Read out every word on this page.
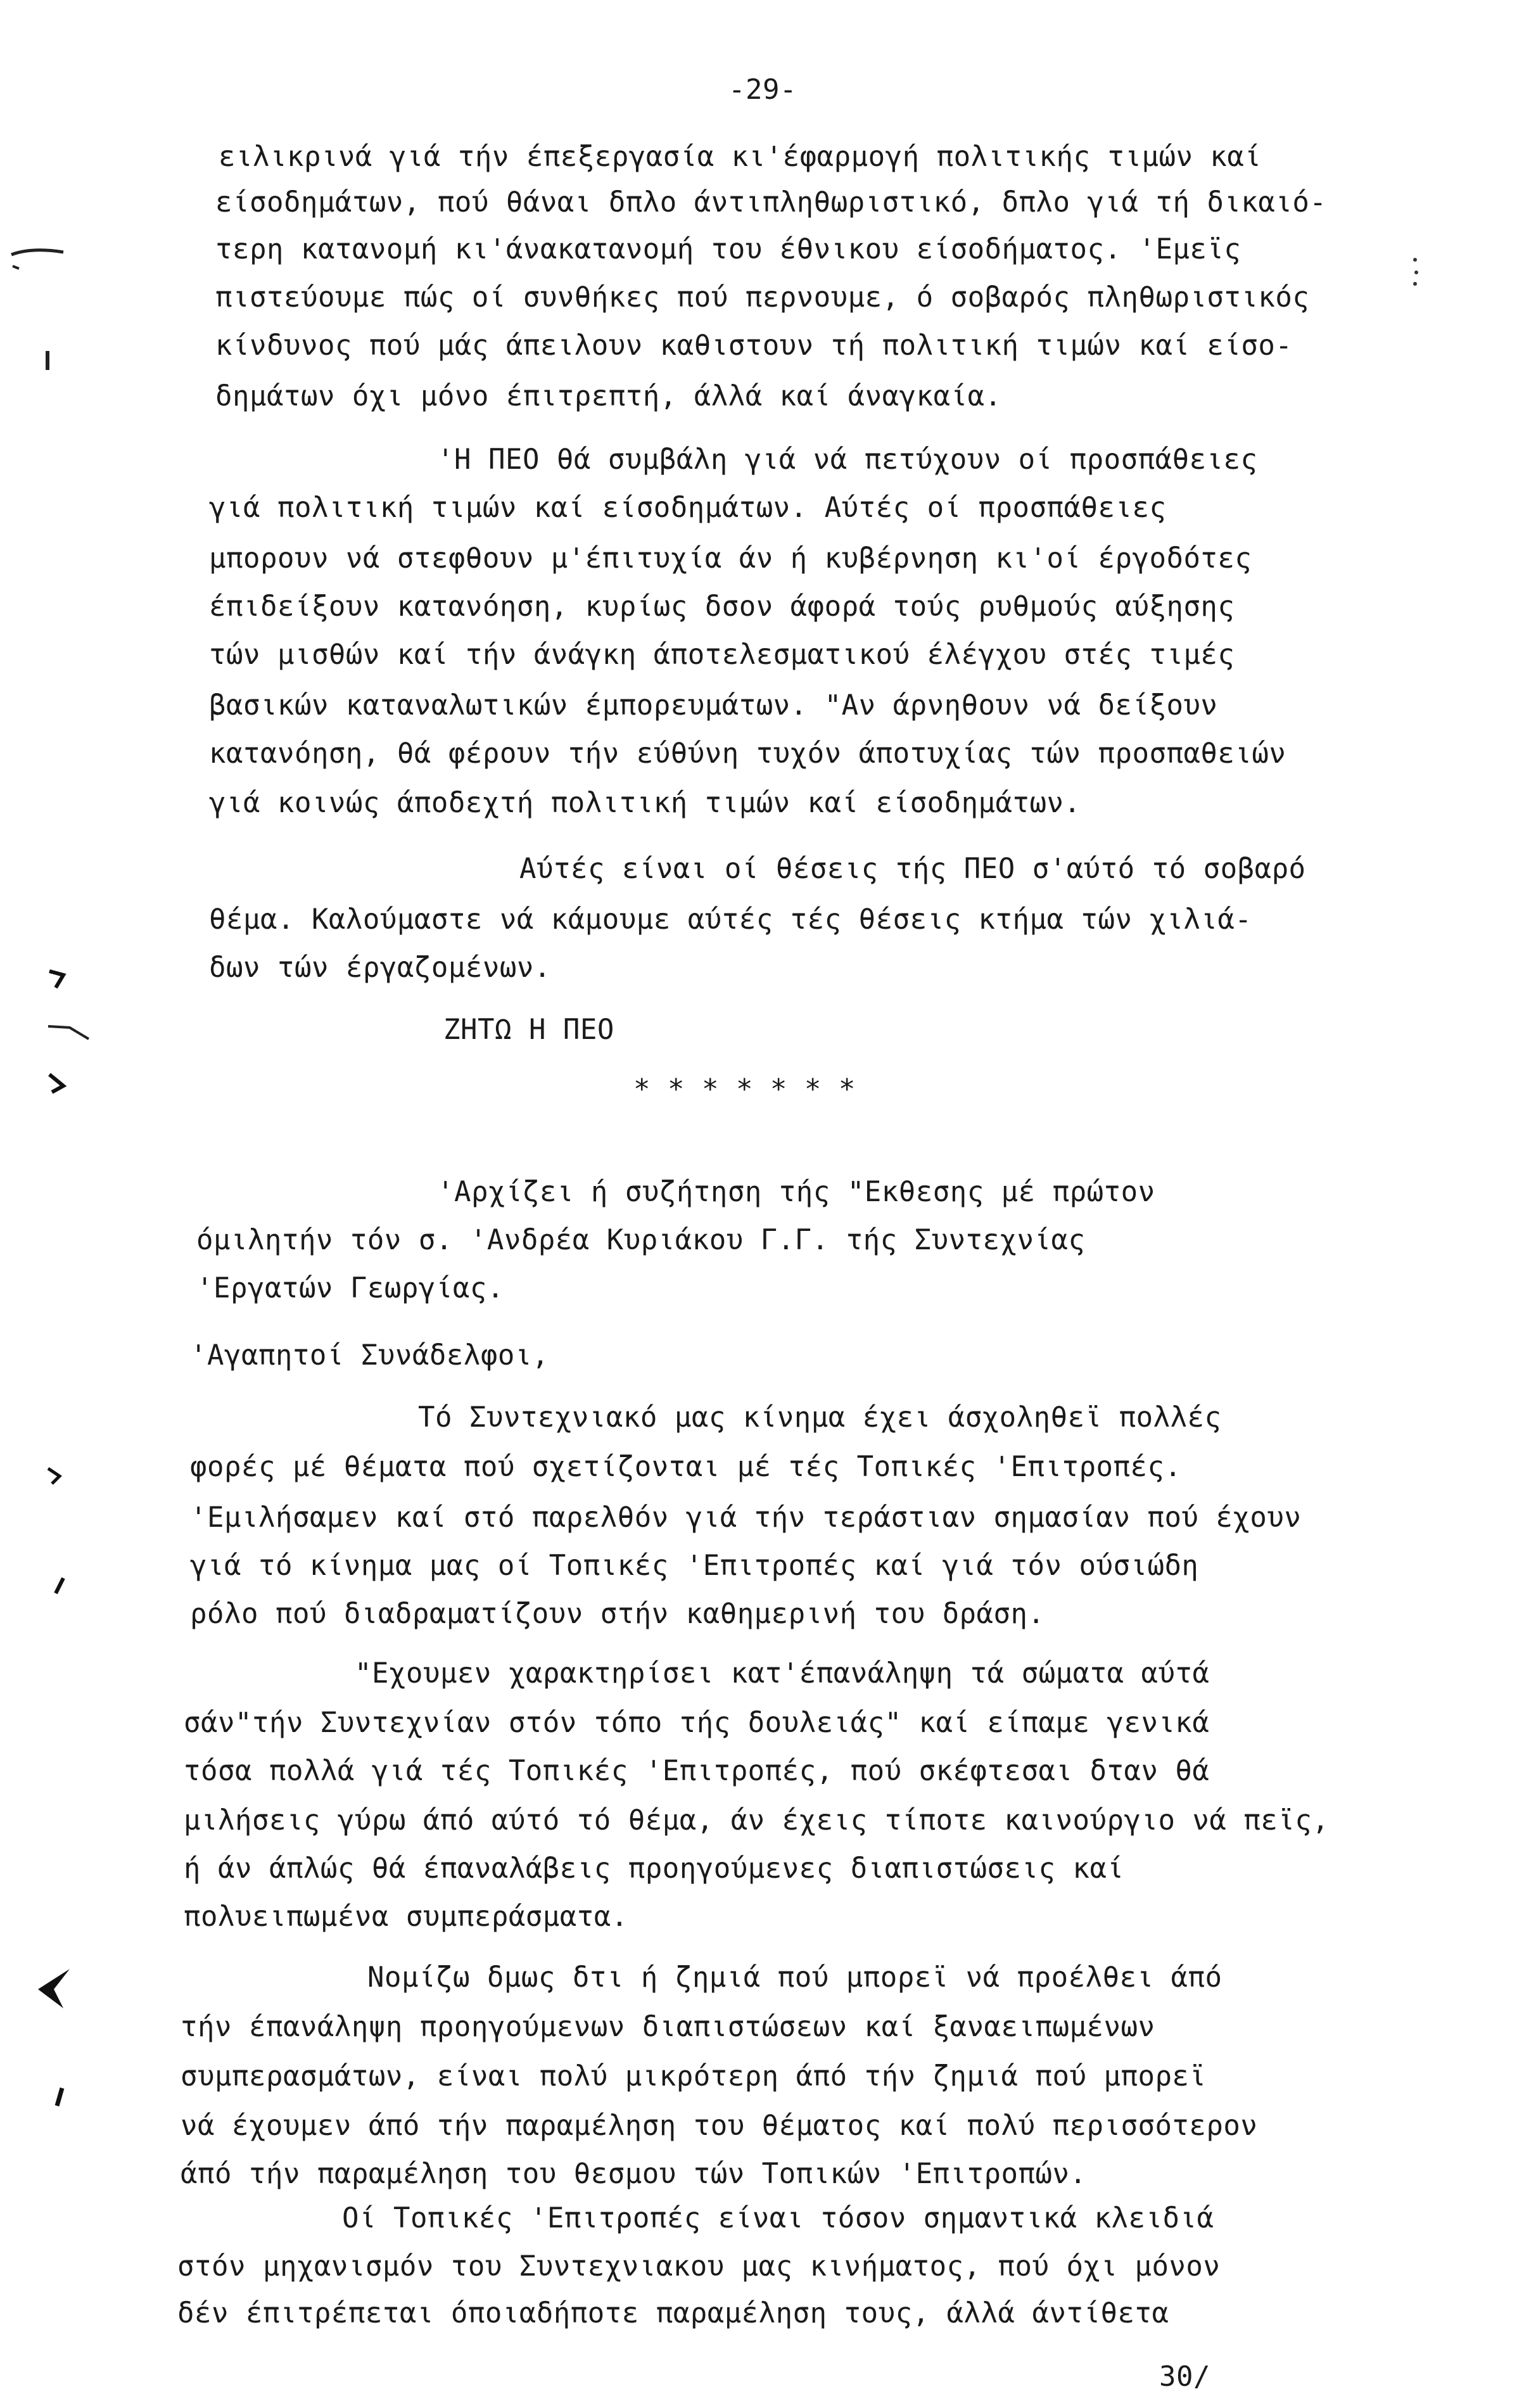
-29-
ειλικρινά γιά τήν έπεξεργασία κι'έφαρμογή πολιτικής τιμών καί
είσοδημάτων, πού θάναι δπλο άντιπληθωριστικό, δπλο γιά τή δικαιό-
τερη κατανομή κι'άνακατανομή του έθνικου είσοδήματος. 'Εμεϊς
πιστεύουμε πώς οί συνθήκες πού περνουμε, ό σοβαρός πληθωριστικός
κίνδυνος πού μάς άπειλουν καθιστουν τή πολιτική τιμών καί είσο-
δημάτων όχι μόνο έπιτρεπτή, άλλά καί άναγκαία.
'Η ΠΕΟ θά συμβάλη γιά νά πετύχουν οί προσπάθειες
γιά πολιτική τιμών καί είσοδημάτων. Αύτές οί προσπάθειες
μπορουν νά στεφθουν μ'έπιτυχία άν ή κυβέρνηση κι'οί έργοδότες
έπιδείξουν κατανόηση, κυρίως δσον άφορά τούς ρυθμούς αύξησης
τών μισθών καί τήν άνάγκη άποτελεσματικού έλέγχου στές τιμές
βασικών καταναλωτικών έμπορευμάτων. "Αν άρνηθουν νά δείξουν
κατανόηση, θά φέρουν τήν εύθύνη τυχόν άποτυχίας τών προσπαθειών
γιά κοινώς άποδεχτή πολιτική τιμών καί είσοδημάτων.
Αύτές είναι οί θέσεις τής ΠΕΟ σ'αύτό τό σοβαρό
θέμα. Καλούμαστε νά κάμουμε αύτές τές θέσεις κτήμα τών χιλιά-
δων τών έργαζομένων.
ΖΗΤΩ Η ΠΕΟ
* * * * * * *
'Αρχίζει ή συζήτηση τής "Εκθεσης μέ πρώτον
όμιλητήν τόν σ. 'Ανδρέα Κυριάκου Γ.Γ. τής Συντεχνίας
'Εργατών Γεωργίας.
'Αγαπητοί Συνάδελφοι,
Τό Συντεχνιακό μας κίνημα έχει άσχοληθεϊ πολλές
φορές μέ θέματα πού σχετίζονται μέ τές Τοπικές 'Επιτροπές.
'Εμιλήσαμεν καί στό παρελθόν γιά τήν τεράστιαν σημασίαν πού έχουν
γιά τό κίνημα μας οί Τοπικές 'Επιτροπές καί γιά τόν ούσιώδη
ρόλο πού διαδραματίζουν στήν καθημερινή του δράση.
"Εχουμεν χαρακτηρίσει κατ'έπανάληψη τά σώματα αύτά
σάν"τήν Συντεχνίαν στόν τόπο τής δουλειάς" καί είπαμε γενικά
τόσα πολλά γιά τές Τοπικές 'Επιτροπές, πού σκέφτεσαι δταν θά
μιλήσεις γύρω άπό αύτό τό θέμα, άν έχεις τίποτε καινούργιο νά πεϊς,
ή άν άπλώς θά έπαναλάβεις προηγούμενες διαπιστώσεις καί
πολυειπωμένα συμπεράσματα.
Νομίζω δμως δτι ή ζημιά πού μπορεϊ νά προέλθει άπό
τήν έπανάληψη προηγούμενων διαπιστώσεων καί ξαναειπωμένων
συμπερασμάτων, είναι πολύ μικρότερη άπό τήν ζημιά πού μπορεϊ
νά έχουμεν άπό τήν παραμέληση του θέματος καί πολύ περισσότερον
άπό τήν παραμέληση του θεσμου τών Τοπικών 'Επιτροπών.
Οί Τοπικές 'Επιτροπές είναι τόσον σημαντικά κλειδιά
στόν μηχανισμόν του Συντεχνιακου μας κινήματος, πού όχι μόνον
δέν έπιτρέπεται όποιαδήποτε παραμέληση τους, άλλά άντίθετα
30/
